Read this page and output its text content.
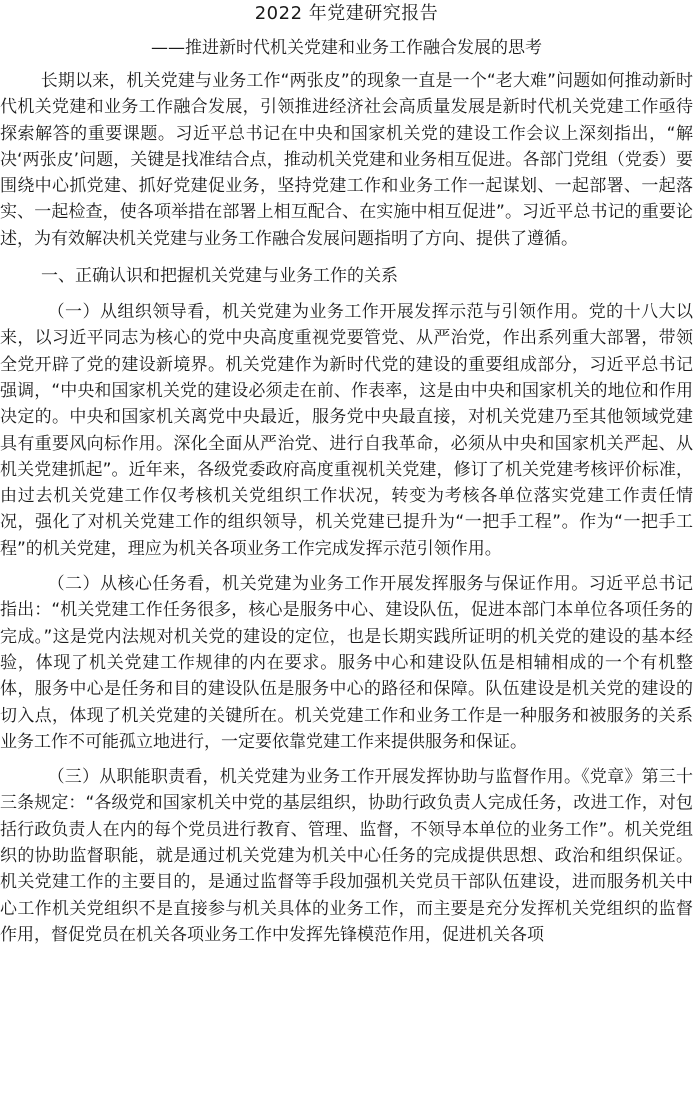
2022 年党建研究报告
——推进新时代机关党建和业务工作融合发展的思考

长期以来，机关党建与业务工作“两张皮”的现象一直是一个“老大难”问题如何推动新时代机关党建和业务工作融合发展，引领推进经济社会高质量发展是新时代机关党建工作亟待探索解答的重要课题。习近平总书记在中央和国家机关党的建设工作会议上深刻指出，“解决‘两张皮’问题，关键是找准结合点，推动机关党建和业务相互促进。各部门党组（党委）要围绕中心抓党建、抓好党建促业务，坚持党建工作和业务工作一起谋划、一起部署、一起落实、一起检查，使各项举措在部署上相互配合、在实施中相互促进”。习近平总书记的重要论述，为有效解决机关党建与业务工作融合发展问题指明了方向、提供了遵循。

一、正确认识和把握机关党建与业务工作的关系

（一）从组织领导看，机关党建为业务工作开展发挥示范与引领作用。党的十八大以来，以习近平同志为核心的党中央高度重视党要管党、从严治党，作出系列重大部署，带领全党开辟了党的建设新境界。机关党建作为新时代党的建设的重要组成部分，习近平总书记强调，“中央和国家机关党的建设必须走在前、作表率，这是由中央和国家机关的地位和作用决定的。中央和国家机关离党中央最近，服务党中央最直接，对机关党建乃至其他领域党建具有重要风向标作用。深化全面从严治党、进行自我革命，必须从中央和国家机关严起、从机关党建抓起”。近年来，各级党委政府高度重视机关党建，修订了机关党建考核评价标准，由过去机关党建工作仅考核机关党组织工作状况，转变为考核各单位落实党建工作责任情况，强化了对机关党建工作的组织领导，机关党建已提升为“一把手工程”。作为“一把手工程”的机关党建，理应为机关各项业务工作完成发挥示范引领作用。

（二）从核心任务看，机关党建为业务工作开展发挥服务与保证作用。习近平总书记指出：“机关党建工作任务很多，核心是服务中心、建设队伍，促进本部门本单位各项任务的完成。”这是党内法规对机关党的建设的定位，也是长期实践所证明的机关党的建设的基本经验，体现了机关党建工作规律的内在要求。服务中心和建设队伍是相辅相成的一个有机整体，服务中心是任务和目的建设队伍是服务中心的路径和保障。队伍建设是机关党的建设的切入点，体现了机关党建的关键所在。机关党建工作和业务工作是一种服务和被服务的关系业务工作不可能孤立地进行，一定要依靠党建工作来提供服务和保证。

（三）从职能职责看，机关党建为业务工作开展发挥协助与监督作用。《党章》第三十三条规定：“各级党和国家机关中党的基层组织，协助行政负责人完成任务，改进工作，对包括行政负责人在内的每个党员进行教育、管理、监督，不领导本单位的业务工作”。机关党组织的协助监督职能，就是通过机关党建为机关中心任务的完成提供思想、政治和组织保证。机关党建工作的主要目的，是通过监督等手段加强机关党员干部队伍建设，进而服务机关中心工作机关党组织不是直接参与机关具体的业务工作，而主要是充分发挥机关党组织的监督作用，督促党员在机关各项业务工作中发挥先锋模范作用，促进机关各项
